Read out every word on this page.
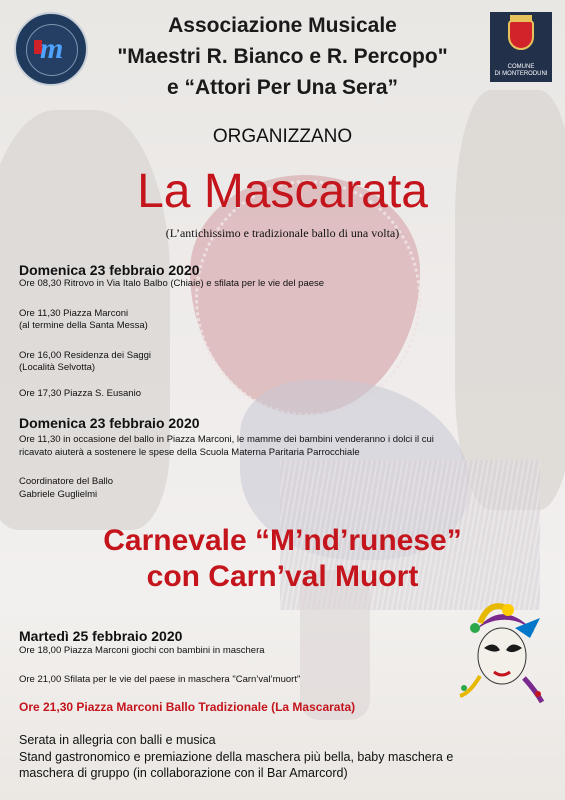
m
COMUNE
DI MONTERODUNI
Associazione Musicale
"Maestri R. Bianco e R. Percopo"
e “Attori Per Una Sera”
ORGANIZZANO
La Mascarata
(L’antichissimo e tradizionale ballo di una volta)
Domenica 23 febbraio 2020
Ore 08,30 Ritrovo in Via Italo Balbo (Chiaie) e sfilata per le vie del paese
Ore 11,30 Piazza Marconi
(al termine della Santa Messa)
Ore 16,00 Residenza dei Saggi
(Località Selvotta)
Ore 17,30 Piazza S. Eusanio
Domenica 23 febbraio 2020
Ore 11,30 in occasione del ballo in Piazza Marconi, le mamme dei bambini venderanno i dolci il cui
ricavato aiuterà a sostenere le spese della Scuola Materna Paritaria Parrocchiale
Coordinatore del Ballo
Gabriele Guglielmi
Carnevale “M’nd’runese”
con Carn’val Muort
Martedì 25 febbraio 2020
Ore 18,00 Piazza Marconi giochi con bambini in maschera
Ore 21,00 Sfilata per le vie del paese in maschera "Carn’val’muort"
Ore 21,30 Piazza Marconi Ballo Tradizionale (La Mascarata)
Serata in allegria con balli e musica
Stand gastronomico e premiazione della maschera più bella, baby maschera e
maschera di gruppo (in collaborazione con il Bar Amarcord)
